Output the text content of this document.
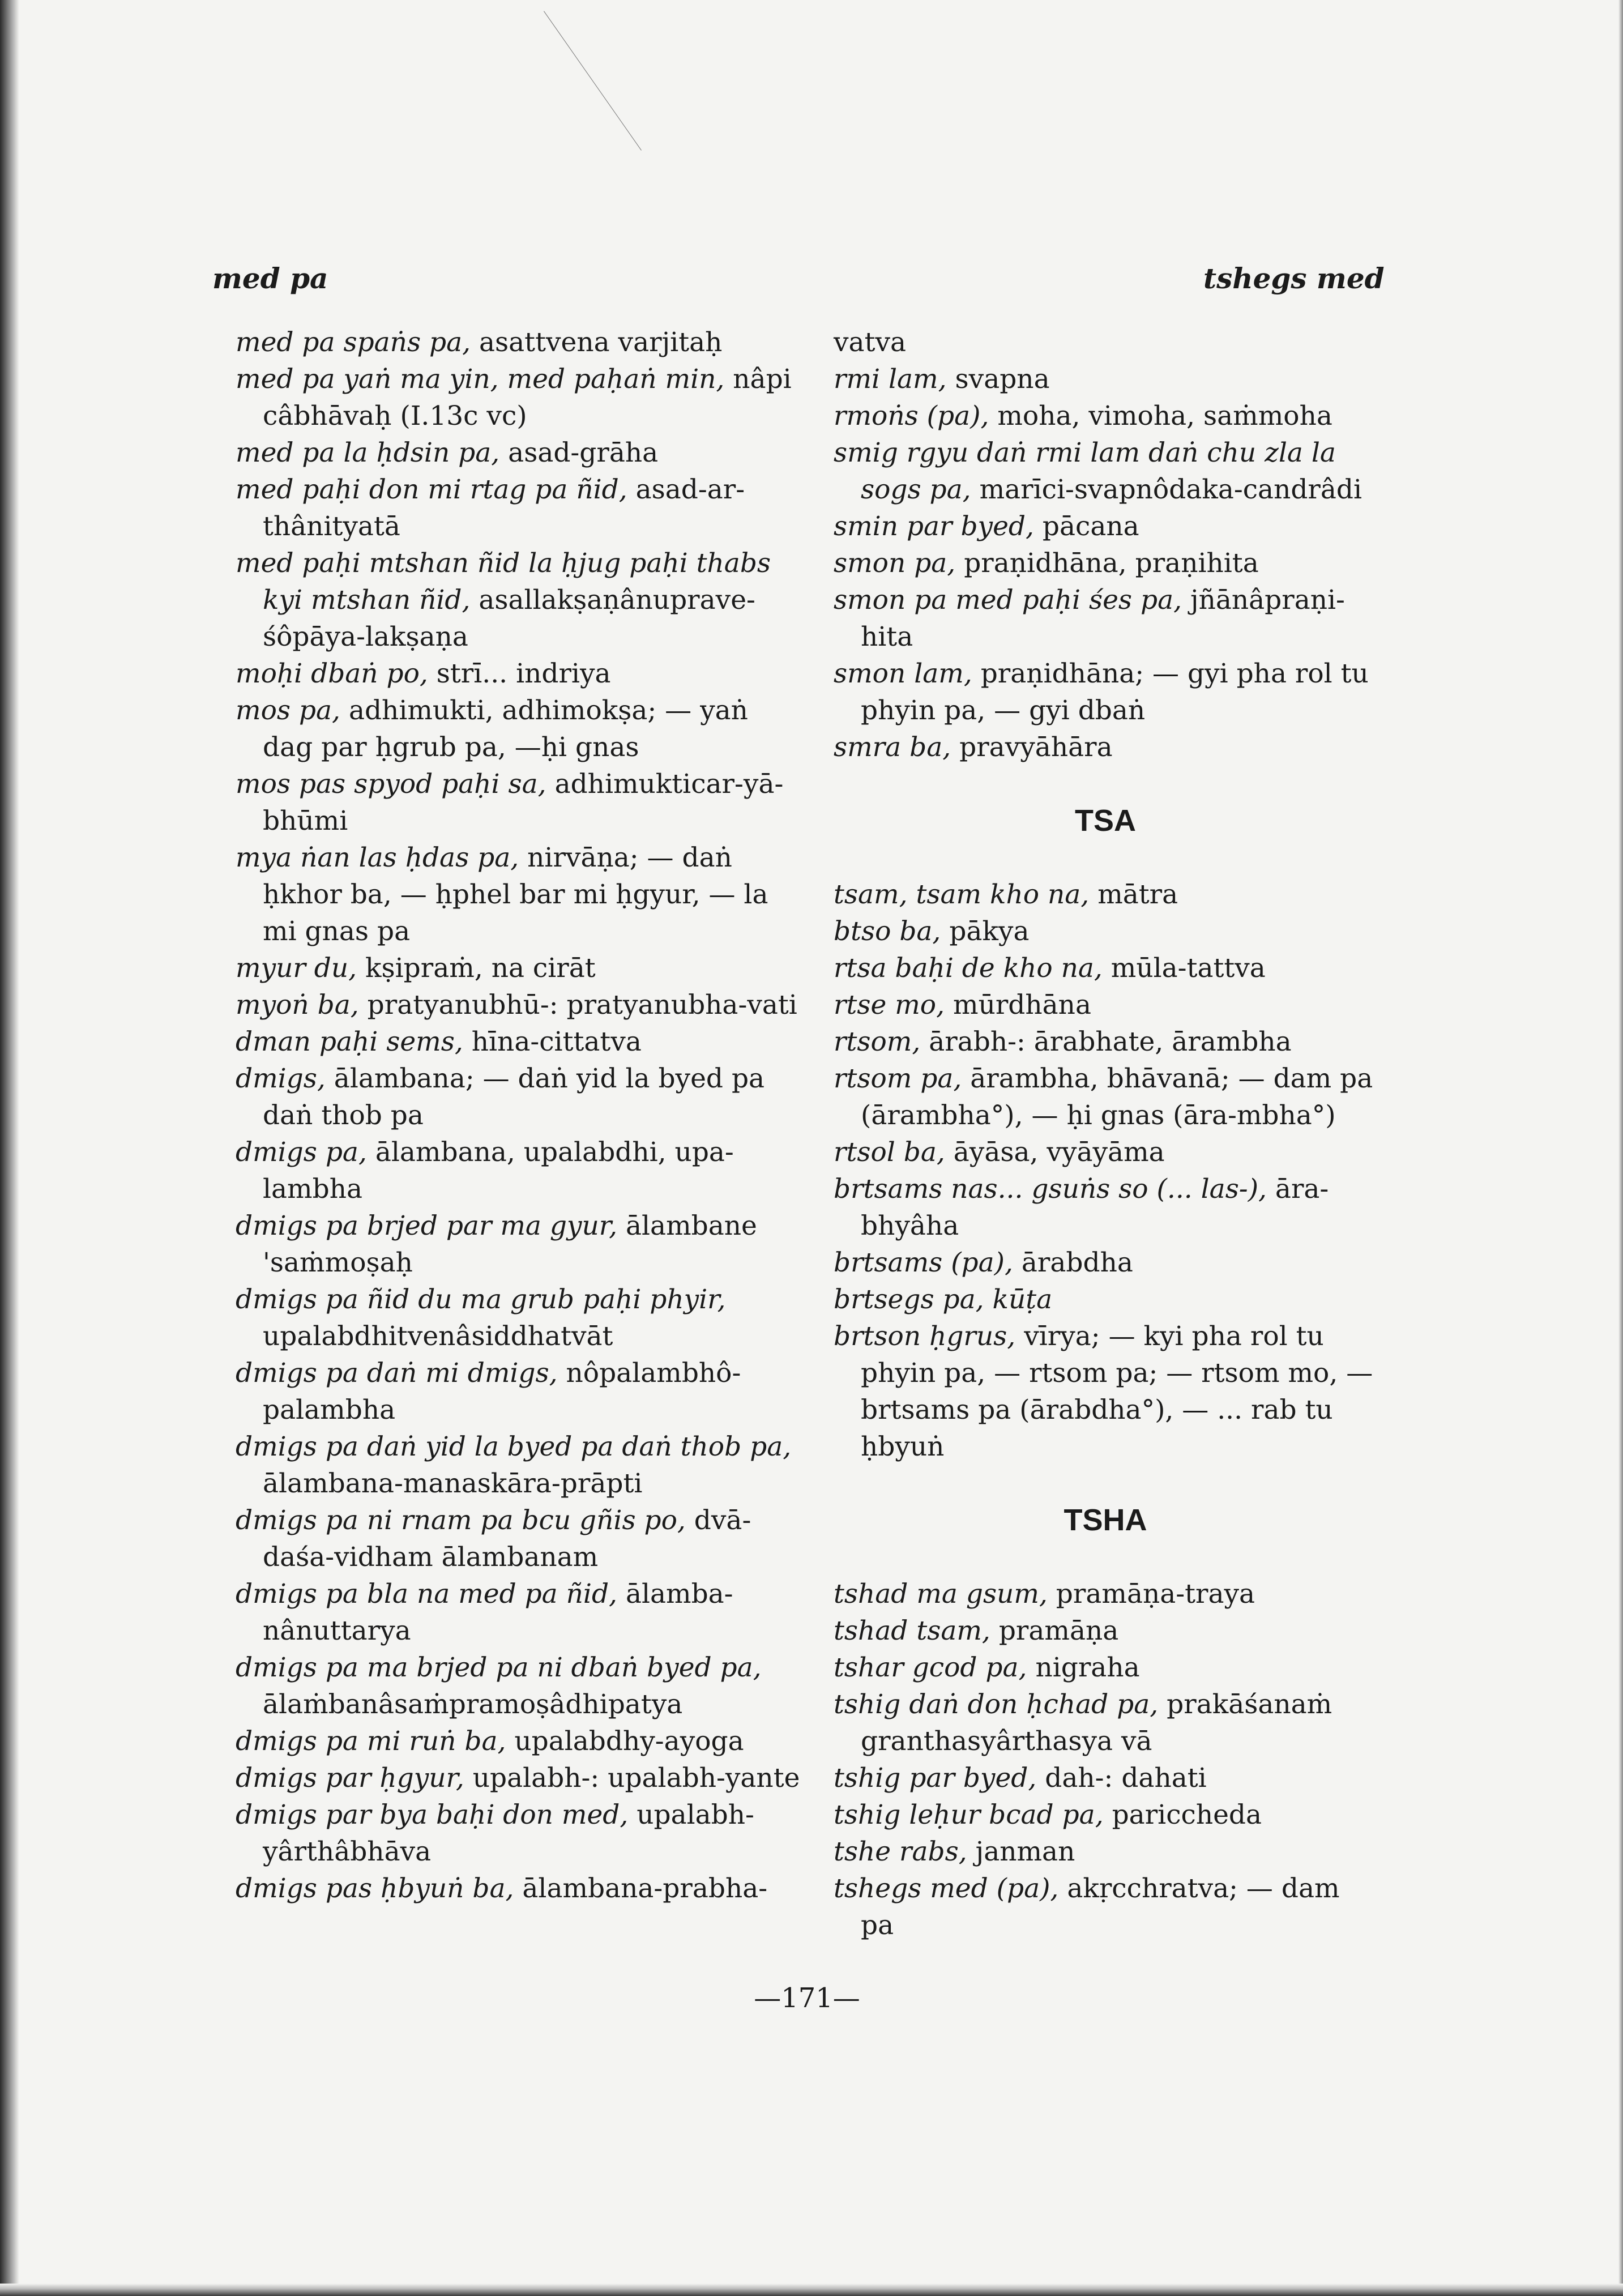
med pa	tshegs med

med pa spaṅs pa, asattvena varjitaḥ

med pa yaṅ ma yin, med paḥaṅ min, nâpi câbhāvaḥ (I.13c vc)

med pa la ḥdsin pa, asad-grāha

med paḥi don mi rtag pa ñid, asad-ar-thânityatā

med paḥi mtshan ñid la ḥjug paḥi thabs kyi mtshan ñid, asallakṣaṇânuprave-śôpāya-lakṣaṇa

moḥi dbaṅ po, strī... indriya

mos pa, adhimukti, adhimokṣa; — yaṅ dag par ḥgrub pa, —ḥi gnas

mos pas spyod paḥi sa, adhimukticar-yā-bhūmi

mya ṅan las ḥdas pa, nirvāṇa; — daṅ ḥkhor ba, — ḥphel bar mi ḥgyur, — la mi gnas pa

myur du, kṣipraṁ, na cirāt

myoṅ ba, pratyanubhū-: pratyanubha-vati

dman paḥi sems, hīna-cittatva

dmigs, ālambana; — daṅ yid la byed pa daṅ thob pa

dmigs pa, ālambana, upalabdhi, upa-lambha

dmigs pa brjed par ma gyur, ālambane 'saṁmoṣaḥ

dmigs pa ñid du ma grub paḥi phyir, upalabdhitvenâsiddhatvāt

dmigs pa daṅ mi dmigs, nôpalambhô-palambha

dmigs pa daṅ yid la byed pa daṅ thob pa, ālambana-manaskāra-prāpti

dmigs pa ni rnam pa bcu gñis po, dvā-daśa-vidham ālambanam

dmigs pa bla na med pa ñid, ālamba-nânuttarya

dmigs pa ma brjed pa ni dbaṅ byed pa, ālaṁbanâsaṁpramoṣâdhipatya

dmigs pa mi ruṅ ba, upalabdhy-ayoga

dmigs par ḥgyur, upalabh-: upalabh-yante

dmigs par bya baḥi don med, upalabh-yârthâbhāva

dmigs pas ḥbyuṅ ba, ālambana-prabha-

vatva

rmi lam, svapna

rmoṅs (pa), moha, vimoha, saṁmoha

smig rgyu daṅ rmi lam daṅ chu zla la sogs pa, marīci-svapnôdaka-candrâdi

smin par byed, pācana

smon pa, praṇidhāna, praṇihita

smon pa med paḥi śes pa, jñānâpraṇi-hita

smon lam, praṇidhāna; — gyi pha rol tu phyin pa, — gyi dbaṅ

smra ba, pravyāhāra

TSA

tsam, tsam kho na, mātra

btso ba, pākya

rtsa baḥi de kho na, mūla-tattva

rtse mo, mūrdhāna

rtsom, ārabh-: ārabhate, ārambha

rtsom pa, ārambha, bhāvanā; — dam pa (ārambha°), — ḥi gnas (āra-mbha°)

rtsol ba, āyāsa, vyāyāma

brtsams nas... gsuṅs so (... las-), āra-bhyâha

brtsams (pa), ārabdha

brtsegs pa, kūṭa

brtson ḥgrus, vīrya; — kyi pha rol tu phyin pa, — rtsom pa; — rtsom mo, — brtsams pa (ārabdha°), — ... rab tu ḥbyuṅ

TSHA

tshad ma gsum, pramāṇa-traya

tshad tsam, pramāṇa

tshar gcod pa, nigraha

tshig daṅ don ḥchad pa, prakāśanaṁ granthasyârthasya vā

tshig par byed, dah-: dahati

tshig leḥur bcad pa, pariccheda

tshe rabs, janman

tshegs med (pa), akṛcchratva; — dam pa

—171—
